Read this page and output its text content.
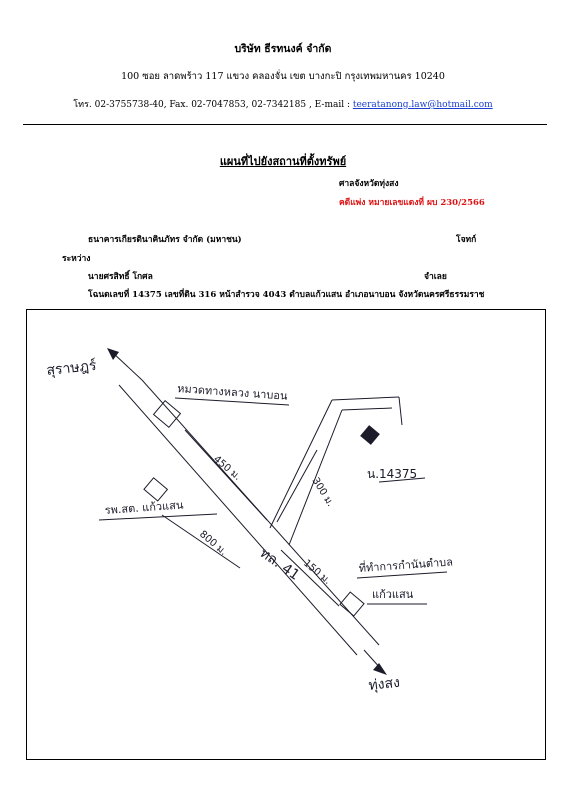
บริษัท ธีรทนงค์ จำกัด
100 ซอย ลาดพร้าว 117 แขวง คลองจั่น เขต บางกะปิ กรุงเทพมหานคร 10240
โทร. 02-3755738-40, Fax. 02-7047853, 02-7342185 , E-mail : teeratanong.law@hotmail.com
แผนที่ไปยังสถานที่ตั้งทรัพย์
ศาลจังหวัดทุ่งสง
คดีแพ่ง หมายเลขแดงที่ ผบ 230/2566
ธนาคารเกียรตินาคินภัทร จำกัด (มหาชน)	โจทก์
ระหว่าง
นายศรสิทธิ์ โกศล	จำเลย
โฉนดเลขที่ 14375 เลขที่ดิน 316 หน้าสำรวจ 4043 ตำบลแก้วแสน อำเภอนาบอน จังหวัดนครศรีธรรมราช
สุราษฎร์
ทุ่งสง
หมวดทางหลวง นาบอน
รพ.สต. แก้วแสน
ที่ทำการกำนันตำบล
แก้วแสน
ทล. 41
น.14375
450 ม.
300 ม.
800 ม.
150 ม.
